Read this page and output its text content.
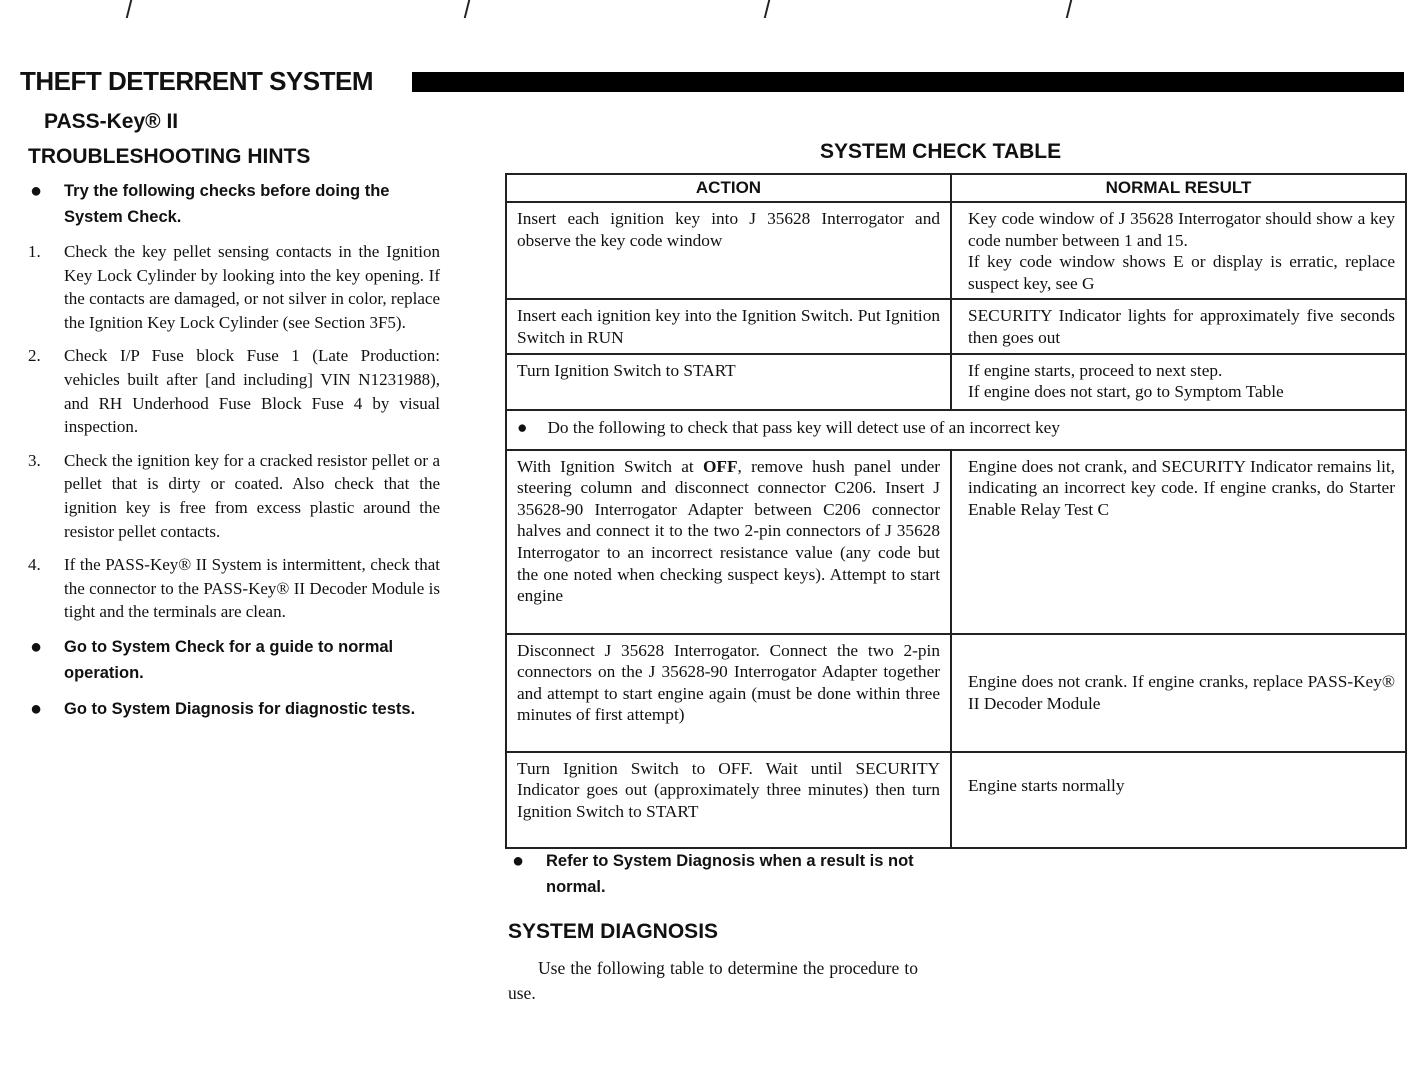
THEFT DETERRENT SYSTEM
PASS-Key® II
TROUBLESHOOTING HINTS
● Try the following checks before doing the System Check.
1. Check the key pellet sensing contacts in the Ignition Key Lock Cylinder by looking into the key opening. If the contacts are damaged, or not silver in color, replace the Ignition Key Lock Cylinder (see Section 3F5).
2. Check I/P Fuse block Fuse 1 (Late Production: vehicles built after [and including] VIN N1231988), and RH Underhood Fuse Block Fuse 4 by visual inspection.
3. Check the ignition key for a cracked resistor pellet or a pellet that is dirty or coated. Also check that the ignition key is free from excess plastic around the resistor pellet contacts.
4. If the PASS-Key® II System is intermittent, check that the connector to the PASS-Key® II Decoder Module is tight and the terminals are clean.
● Go to System Check for a guide to normal operation.
● Go to System Diagnosis for diagnostic tests.
SYSTEM CHECK TABLE
ACTION	NORMAL RESULT
Insert each ignition key into J 35628 Interrogator and observe the key code window	Key code window of J 35628 Interrogator should show a key code number between 1 and 15.
If key code window shows E or display is erratic, replace suspect key, see G

Insert each ignition key into the Ignition Switch. Put Ignition Switch in RUN	SECURITY Indicator lights for approximately five seconds then goes out
Turn Ignition Switch to START	If engine starts, proceed to next step.
If engine does not start, go to Symptom Table

● Do the following to check that pass key will detect use of an incorrect key	
With Ignition Switch at OFF, remove hush panel under steering column and disconnect connector C206. Insert J 35628-90 Interrogator Adapter between C206 connector halves and connect it to the two 2-pin connectors of J 35628 Interrogator to an incorrect resistance value (any code but the one noted when checking suspect keys). Attempt to start engine	Engine does not crank, and SECURITY Indicator remains lit, indicating an incorrect key code. If engine cranks, do Starter Enable Relay Test C
Disconnect J 35628 Interrogator. Connect the two 2-pin connectors on the J 35628-90 Interrogator Adapter together and attempt to start engine again (must be done within three minutes of first attempt)	Engine does not crank. If engine cranks, replace PASS-Key® II Decoder Module
Turn Ignition Switch to OFF. Wait until SECURITY Indicator goes out (approximately three minutes) then turn Ignition Switch to START	Engine starts normally
● Refer to System Diagnosis when a result is not normal.
SYSTEM DIAGNOSIS
Use the following table to determine the procedure to use.
